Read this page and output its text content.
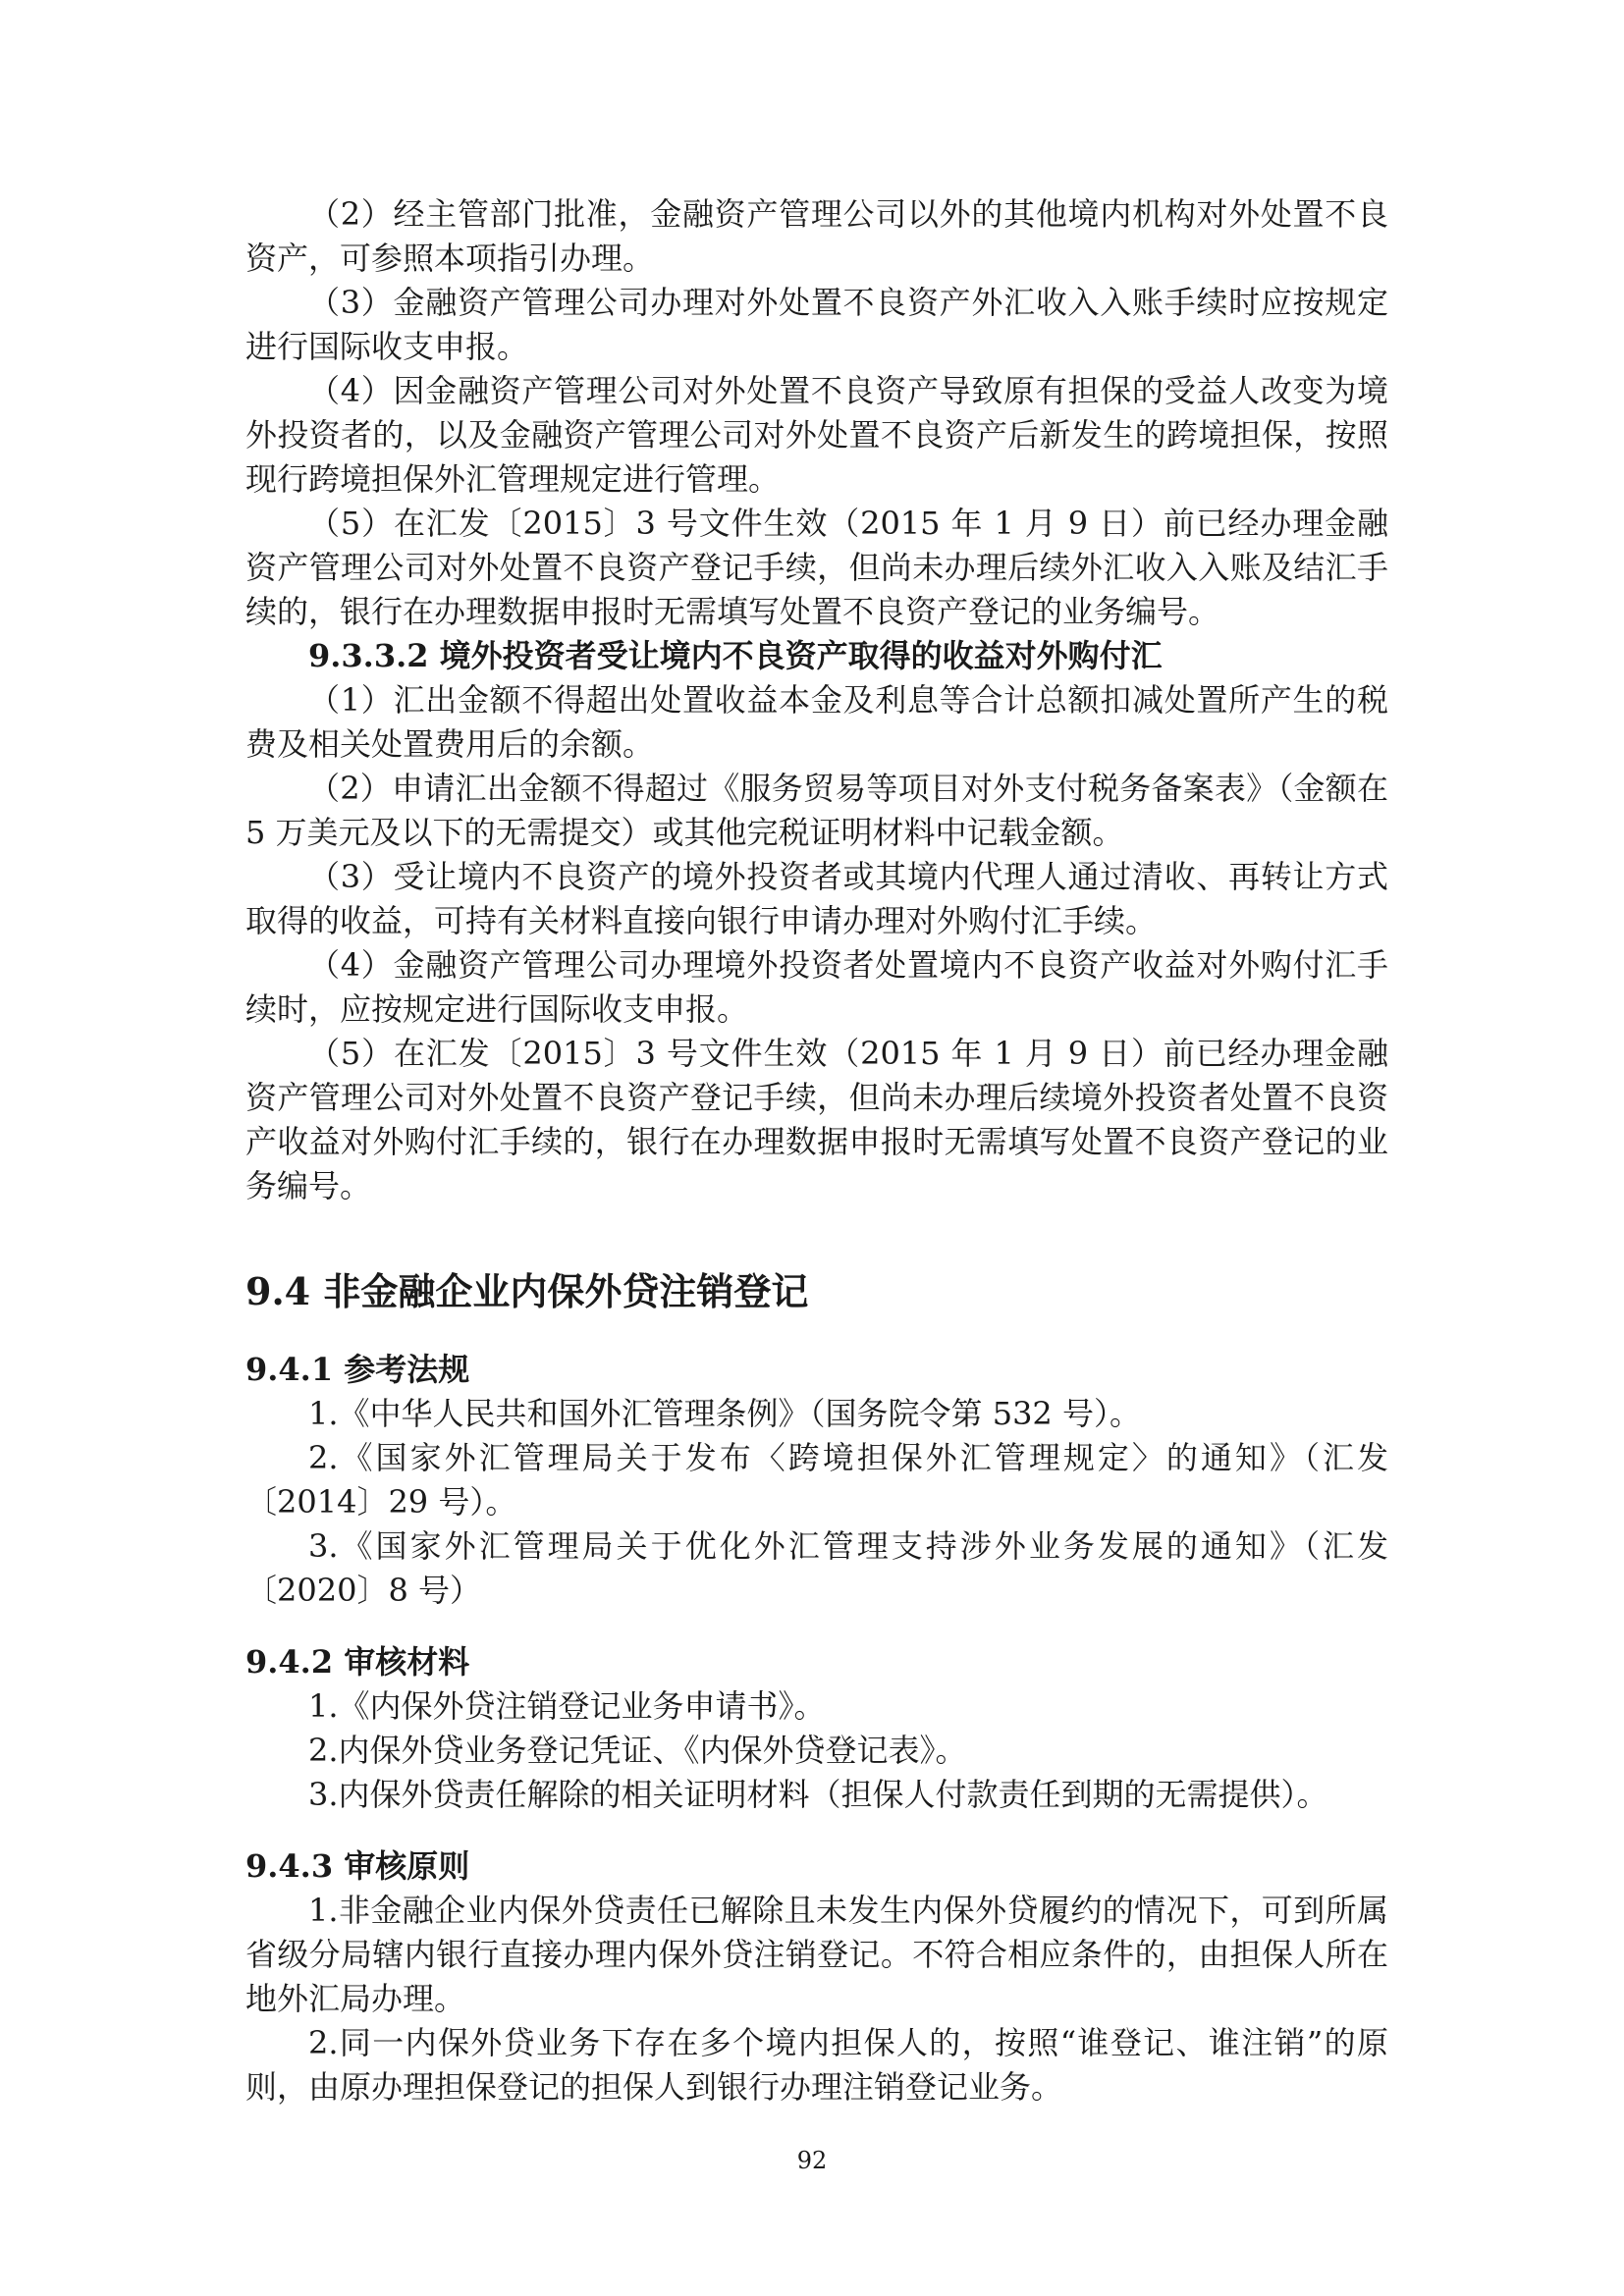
（2）经主管部门批准，金融资产管理公司以外的其他境内机构对外处置不良资产，可参照本项指引办理。

（3）金融资产管理公司办理对外处置不良资产外汇收入入账手续时应按规定进行国际收支申报。

（4）因金融资产管理公司对外处置不良资产导致原有担保的受益人改变为境外投资者的，以及金融资产管理公司对外处置不良资产后新发生的跨境担保，按照现行跨境担保外汇管理规定进行管理。

（5）在汇发〔2015〕3 号文件生效（2015 年 1 月 9 日）前已经办理金融资产管理公司对外处置不良资产登记手续，但尚未办理后续外汇收入入账及结汇手续的，银行在办理数据申报时无需填写处置不良资产登记的业务编号。

9.3.3.2 境外投资者受让境内不良资产取得的收益对外购付汇

（1）汇出金额不得超出处置收益本金及利息等合计总额扣减处置所产生的税费及相关处置费用后的余额。

（2）申请汇出金额不得超过《服务贸易等项目对外支付税务备案表》（金额在 5 万美元及以下的无需提交）或其他完税证明材料中记载金额。

（3）受让境内不良资产的境外投资者或其境内代理人通过清收、再转让方式取得的收益，可持有关材料直接向银行申请办理对外购付汇手续。

（4）金融资产管理公司办理境外投资者处置境内不良资产收益对外购付汇手续时，应按规定进行国际收支申报。

（5）在汇发〔2015〕3 号文件生效（2015 年 1 月 9 日）前已经办理金融资产管理公司对外处置不良资产登记手续，但尚未办理后续境外投资者处置不良资产收益对外购付汇手续的，银行在办理数据申报时无需填写处置不良资产登记的业务编号。

9.4 非金融企业内保外贷注销登记
9.4.1 参考法规

1.《中华人民共和国外汇管理条例》（国务院令第 532 号）。

2.《国家外汇管理局关于发布〈跨境担保外汇管理规定〉的通知》（汇发〔2014〕29 号）。

3.《国家外汇管理局关于优化外汇管理支持涉外业务发展的通知》（汇发〔2020〕8 号）

9.4.2 审核材料

1.《内保外贷注销登记业务申请书》。

2.内保外贷业务登记凭证、《内保外贷登记表》。

3.内保外贷责任解除的相关证明材料（担保人付款责任到期的无需提供）。

9.4.3 审核原则

1.非金融企业内保外贷责任已解除且未发生内保外贷履约的情况下，可到所属省级分局辖内银行直接办理内保外贷注销登记。不符合相应条件的，由担保人所在地外汇局办理。

2.同一内保外贷业务下存在多个境内担保人的，按照“谁登记、谁注销”的原则，由原办理担保登记的担保人到银行办理注销登记业务。

92
